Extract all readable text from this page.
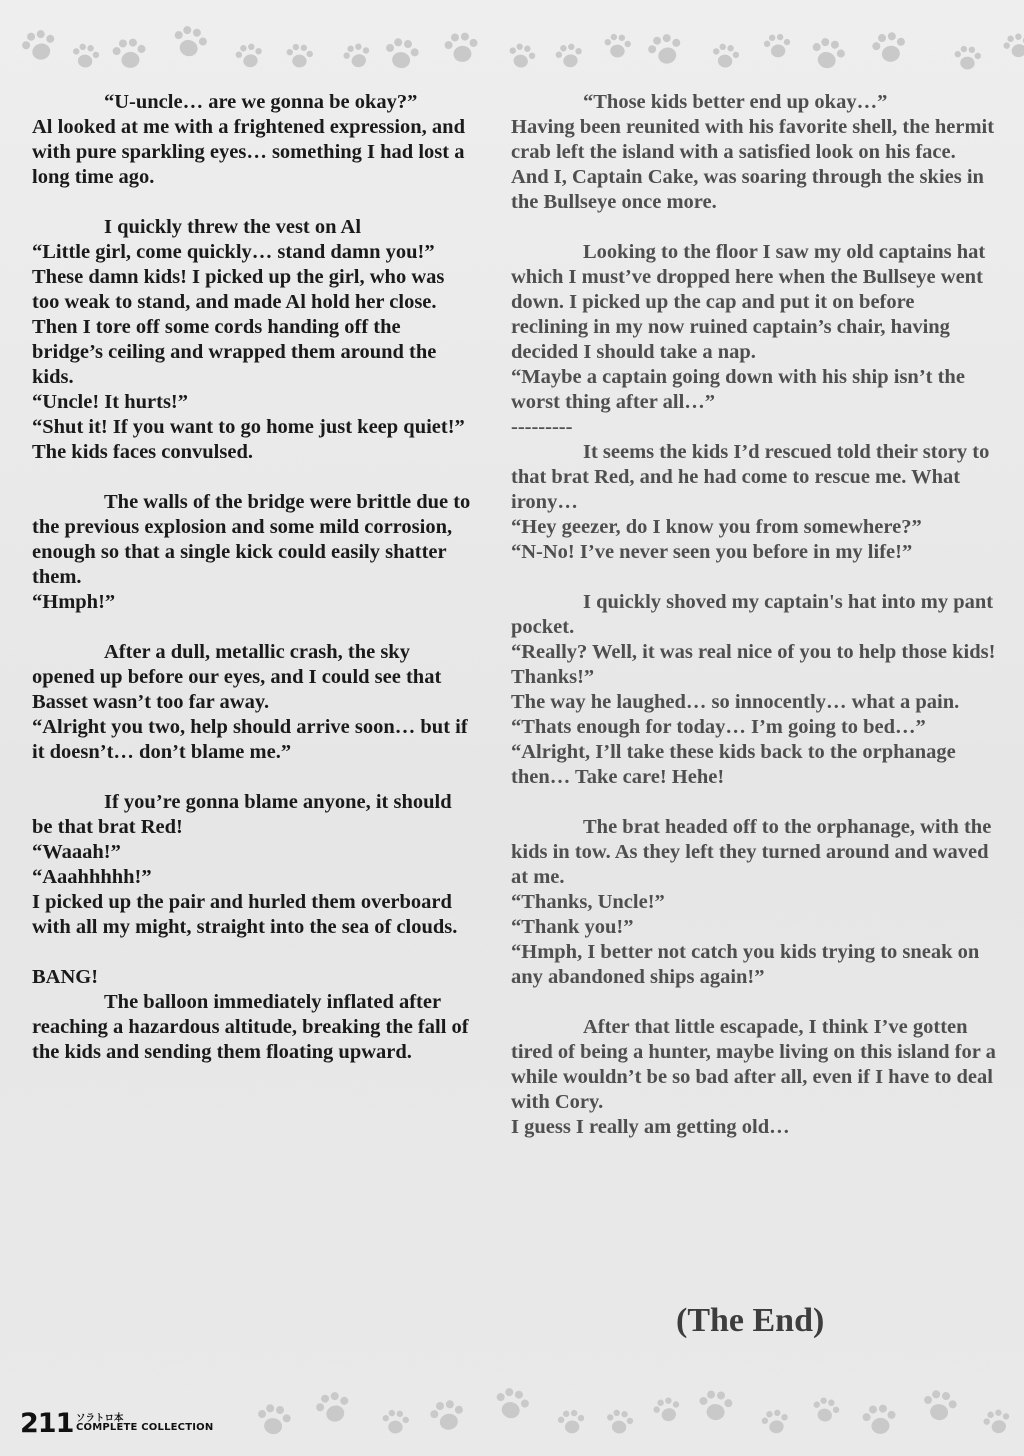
“U-uncle… are we gonna be okay?”

Al looked at me with a frightened expression, and with pure sparkling eyes… something I had lost a long time ago.

I quickly threw the vest on Al

“Little girl, come quickly… stand damn you!”

These damn kids! I picked up the girl, who was too weak to stand, and made Al hold her close. Then I tore off some cords handing off the bridge’s ceiling and wrapped them around the kids.

“Uncle! It hurts!”

“Shut it! If you want to go home just keep quiet!”

The kids faces convulsed.

The walls of the bridge were brittle due to the previous explosion and some mild corrosion, enough so that a single kick could easily shatter them.

“Hmph!”

After a dull, metallic crash, the sky opened up before our eyes, and I could see that Basset wasn’t too far away.

“Alright you two, help should arrive soon… but if it doesn’t… don’t blame me.”

If you’re gonna blame anyone, it should be that brat Red!

“Waaah!”

“Aaahhhhh!”

I picked up the pair and hurled them overboard with all my might, straight into the sea of clouds.

BANG!

The balloon immediately inflated after reaching a hazardous altitude, breaking the fall of the kids and sending them floating upward.

“Those kids better end up okay…”

Having been reunited with his favorite shell, the hermit crab left the island with a satisfied look on his face.

And I, Captain Cake, was soaring through the skies in the Bullseye once more.

Looking to the floor I saw my old captains hat which I must’ve dropped here when the Bullseye went down. I picked up the cap and put it on before reclining in my now ruined captain’s chair, having decided I should take a nap.

“Maybe a captain going down with his ship isn’t the worst thing after all…”

---------

It seems the kids I’d rescued told their story to that brat Red, and he had come to rescue me. What irony…

“Hey geezer, do I know you from somewhere?”

“N-No! I’ve never seen you before in my life!”

I quickly shoved my captain's hat into my pant pocket.

“Really? Well, it was real nice of you to help those kids! Thanks!”

The way he laughed… so innocently… what a pain.

“Thats enough for today… I’m going to bed…”

“Alright, I’ll take these kids back to the orphanage then… Take care! Hehe!

The brat headed off to the orphanage, with the kids in tow. As they left they turned around and waved at me.

“Thanks, Uncle!”

“Thank you!”

“Hmph, I better not catch you kids trying to sneak on any abandoned ships again!”

After that little escapade, I think I’ve gotten tired of being a hunter, maybe living on this island for a while wouldn’t be so bad after all, even if I have to deal with Cory.

I guess I really am getting old…

(The End)
211 ソラトロ本
COMPLETE COLLECTION
